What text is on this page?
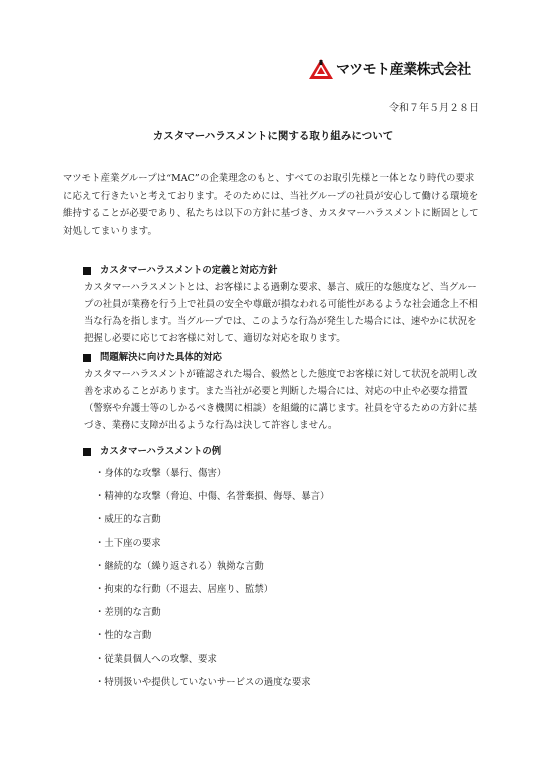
マツモト産業株式会社
令和７年５月２８日
カスタマーハラスメントに関する取り組みについて
マツモト産業グループは“MAC”の企業理念のもと、すべてのお取引先様と一体となり時代の要求に応えて行きたいと考えております。そのためには、当社グループの社員が安心して働ける環境を維持することが必要であり、私たちは以下の方針に基づき、カスタマーハラスメントに断固として対処してまいります。
カスタマーハラスメントの定義と対応方針
カスタマーハラスメントとは、お客様による過剰な要求、暴言、威圧的な態度など、当グループの社員が業務を行う上で社員の安全や尊厳が損なわれる可能性があるような社会通念上不相当な行為を指します。当グループでは、このような行為が発生した場合には、速やかに状況を把握し必要に応じてお客様に対して、適切な対応を取ります。
問題解決に向けた具体的対応
カスタマーハラスメントが確認された場合、毅然とした態度でお客様に対して状況を説明し改善を求めることがあります。また当社が必要と判断した場合には、対応の中止や必要な措置（警察や弁護士等のしかるべき機関に相談）を組織的に講じます。社員を守るための方針に基づき、業務に支障が出るような行為は決して許容しません。
カスタマーハラスメントの例
・身体的な攻撃（暴行、傷害）
・精神的な攻撃（脅迫、中傷、名誉棄損、侮辱、暴言）
・威圧的な言動
・土下座の要求
・継続的な（繰り返される）執拗な言動
・拘束的な行動（不退去、居座り、監禁）
・差別的な言動
・性的な言動
・従業員個人への攻撃、要求
・特別扱いや提供していないサービスの過度な要求
